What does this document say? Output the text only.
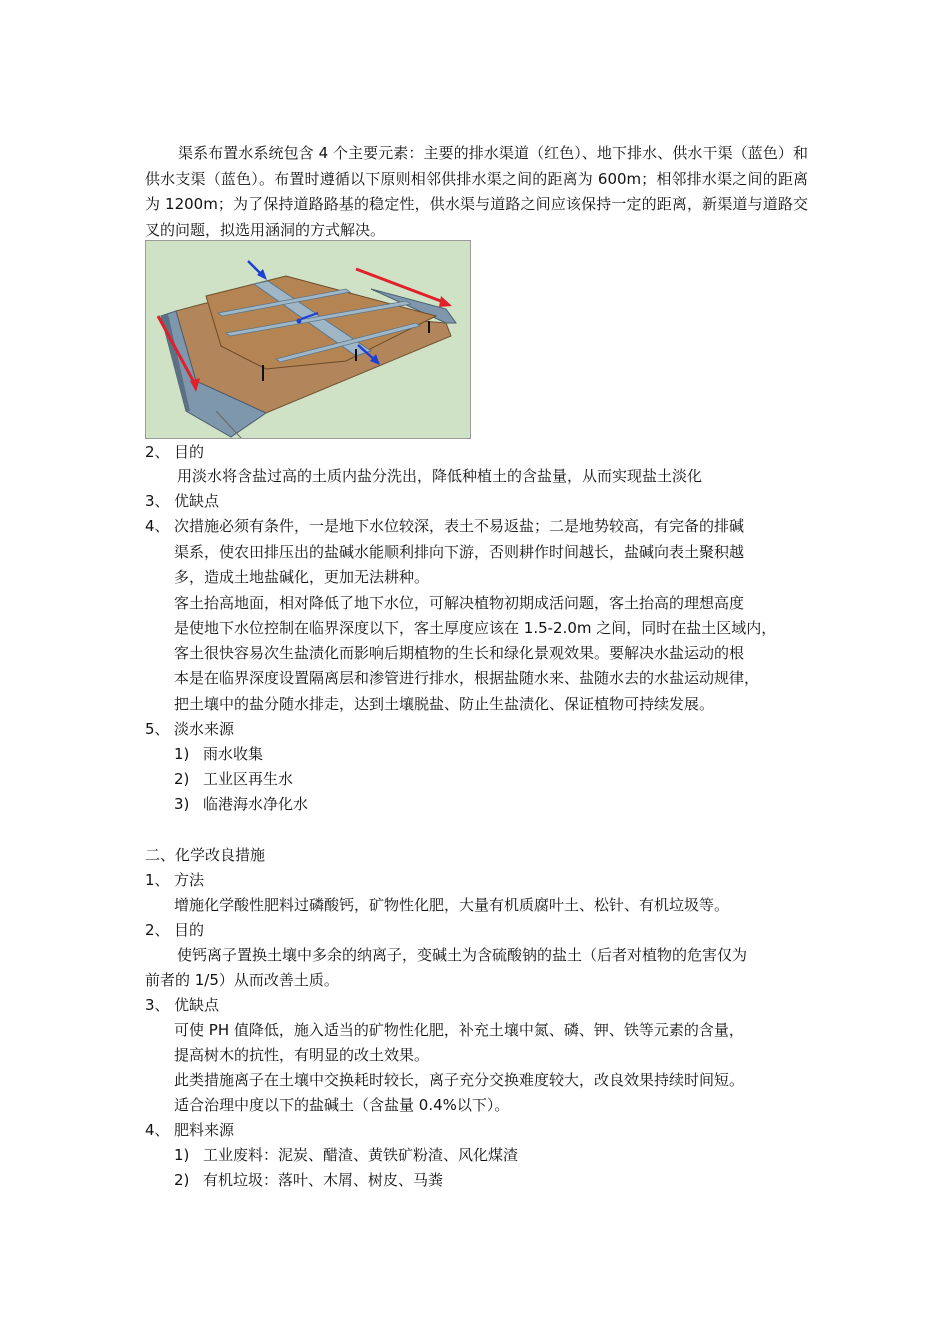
渠系布置水系统包含 4 个主要元素：主要的排水渠道（红色）、地下排水、供水干渠（蓝色）和供水支渠（蓝色）。布置时遵循以下原则相邻供排水渠之间的距离为 600m；相邻排水渠之间的距离为 1200m；为了保持道路路基的稳定性，供水渠与道路之间应该保持一定的距离，新渠道与道路交叉的问题，拟选用涵洞的方式解决。
2、 目的
用淡水将含盐过高的土质内盐分洗出，降低种植土的含盐量，从而实现盐土淡化
3、 优缺点
4、 次措施必须有条件，一是地下水位较深，表土不易返盐；二是地势较高，有完备的排碱
渠系，使农田排压出的盐碱水能顺利排向下游，否则耕作时间越长，盐碱向表土聚积越
多，造成土地盐碱化，更加无法耕种。
客土抬高地面，相对降低了地下水位，可解决植物初期成活问题，客土抬高的理想高度
是使地下水位控制在临界深度以下，客土厚度应该在 1.5-2.0m 之间，同时在盐土区域内，
客土很快容易次生盐渍化而影响后期植物的生长和绿化景观效果。要解决水盐运动的根
本是在临界深度设置隔离层和渗管进行排水，根据盐随水来、盐随水去的水盐运动规律，
把土壤中的盐分随水排走，达到土壤脱盐、防止生盐渍化、保证植物可持续发展。
5、 淡水来源
1) 雨水收集
2) 工业区再生水
3) 临港海水净化水
二、化学改良措施
1、 方法
增施化学酸性肥料过磷酸钙，矿物性化肥，大量有机质腐叶土、松针、有机垃圾等。
2、 目的
使钙离子置换土壤中多余的纳离子，变碱土为含硫酸钠的盐土（后者对植物的危害仅为
前者的 1/5）从而改善土质。
3、 优缺点
可使 PH 值降低，施入适当的矿物性化肥，补充土壤中氮、磷、钾、铁等元素的含量，
提高树木的抗性，有明显的改土效果。
此类措施离子在土壤中交换耗时较长，离子充分交换难度较大，改良效果持续时间短。
适合治理中度以下的盐碱土（含盐量 0.4%以下）。
4、 肥料来源
1) 工业废料：泥炭、醋渣、黄铁矿粉渣、风化煤渣
2) 有机垃圾：落叶、木屑、树皮、马粪
